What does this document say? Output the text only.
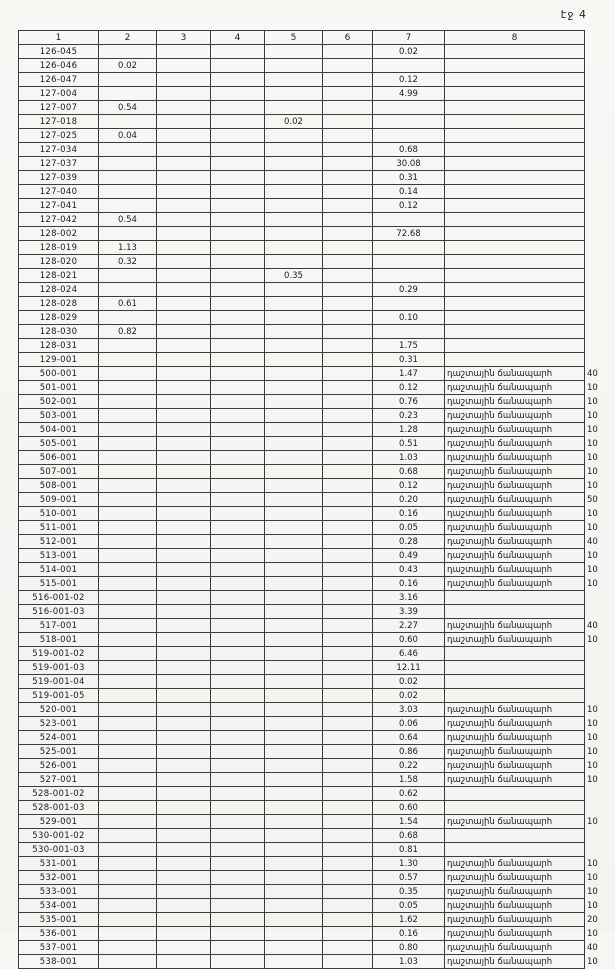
էջ 4
1	2	3	4	5	6	7	8	
126-045						0.02		
126-046	0.02							
126-047						0.12		
127-004						4.99		
127-007	0.54							
127-018				0.02				
127-025	0.04							
127-034						0.68		
127-037						30.08		
127-039						0.31		
127-040						0.14		
127-041						0.12		
127-042	0.54							
128-002						72.68		
128-019	1.13							
128-020	0.32							
128-021				0.35				
128-024						0.29		
128-028	0.61							
128-029						0.10		
128-030	0.82							
128-031						1.75		
129-001						0.31		
500-001						1.47	դաշտային ճանապարհ	40
501-001						0.12	դաշտային ճանապարհ	10
502-001						0.76	դաշտային ճանապարհ	10
503-001						0.23	դաշտային ճանապարհ	10
504-001						1.28	դաշտային ճանապարհ	10
505-001						0.51	դաշտային ճանապարհ	10
506-001						1.03	դաշտային ճանապարհ	10
507-001						0.68	դաշտային ճանապարհ	10
508-001						0.12	դաշտային ճանապարհ	10
509-001						0.20	դաշտային ճանապարհ	50
510-001						0.16	դաշտային ճանապարհ	10
511-001						0.05	դաշտային ճանապարհ	10
512-001						0.28	դաշտային ճանապարհ	40
513-001						0.49	դաշտային ճանապարհ	10
514-001						0.43	դաշտային ճանապարհ	10
515-001						0.16	դաշտային ճանապարհ	10
516-001-02						3.16		
516-001-03						3.39		
517-001						2.27	դաշտային ճանապարհ	40
518-001						0.60	դաշտային ճանապարհ	10
519-001-02						6.46		
519-001-03						12.11		
519-001-04						0.02		
519-001-05						0.02		
520-001						3.03	դաշտային ճանապարհ	10
523-001						0.06	դաշտային ճանապարհ	10
524-001						0.64	դաշտային ճանապարհ	10
525-001						0.86	դաշտային ճանապարհ	10
526-001						0.22	դաշտային ճանապարհ	10
527-001						1.58	դաշտային ճանապարհ	10
528-001-02						0.62		
528-001-03						0.60		
529-001						1.54	դաշտային ճանապարհ	10
530-001-02						0.68		
530-001-03						0.81		
531-001						1.30	դաշտային ճանապարհ	10
532-001						0.57	դաշտային ճանապարհ	10
533-001						0.35	դաշտային ճանապարհ	10
534-001						0.05	դաշտային ճանապարհ	10
535-001						1.62	դաշտային ճանապարհ	20
536-001						0.16	դաշտային ճանապարհ	10
537-001						0.80	դաշտային ճանապարհ	40
538-001						1.03	դաշտային ճանապարհ	10
